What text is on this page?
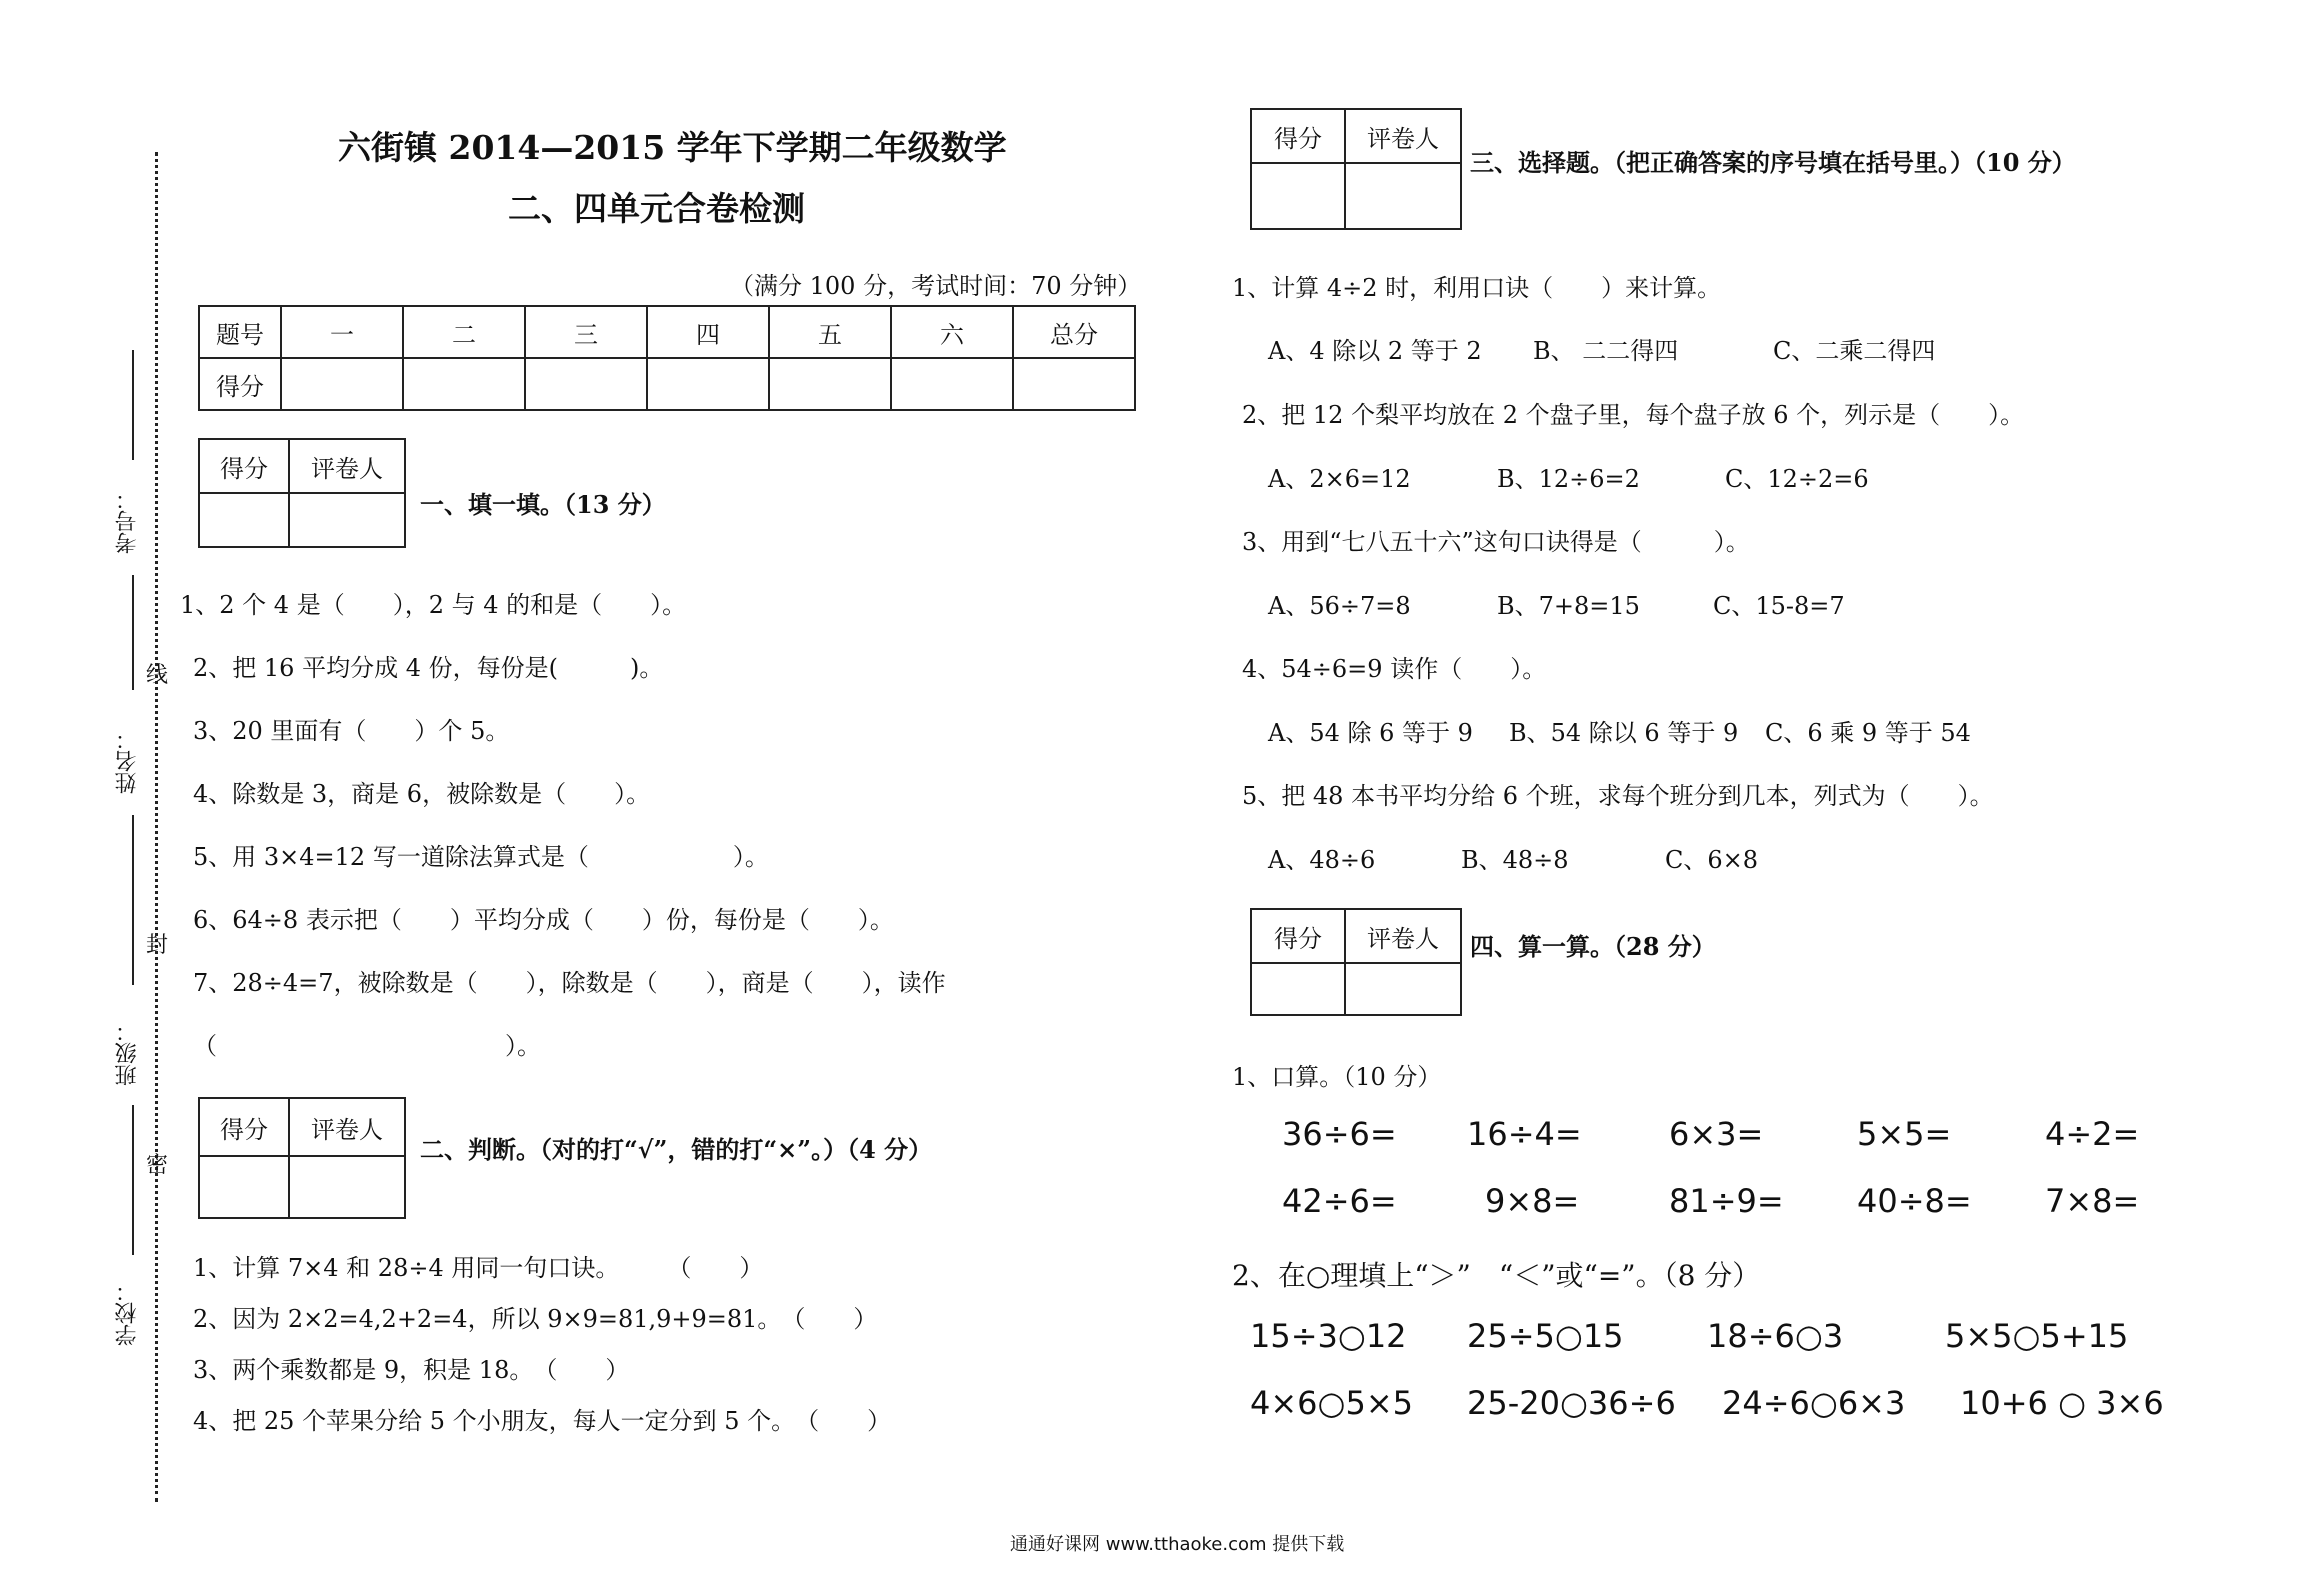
考号：
姓名：
班级：
学校：
线
封
密
六街镇 2014—2015 学年下学期二年级数学
二、四单元合卷检测
（满分 100 分，考试时间：70 分钟）
题号	一	二	三	四	五	六	总分
得分							
得分	评卷人

一、填一填。（13 分）
1、2 个 4 是（　　），2 与 4 的和是（　　）。
2、把 16 平均分成 4 份，每份是(　　　)。
3、20 里面有（　　）个 5。
4、除数是 3，商是 6，被除数是（　　）。
5、用 3×4=12 写一道除法算式是（　　　　　　）。
6、64÷8 表示把（　　）平均分成（　　）份，每份是（　　）。
7、28÷4=7，被除数是（　　），除数是（　　），商是（　　），读作
（　　　　　　　　　　　　）。
得分	评卷人

二、判断。（对的打“√”，错的打“×”。）（4 分）
1、计算 7×4 和 28÷4 用同一句口诀。　　　（　　）
2、因为 2×2=4,2+2=4，所以 9×9=81,9+9=81。　（　　）
3、两个乘数都是 9，积是 18。　（　　）
4、把 25 个苹果分给 5 个小朋友，每人一定分到 5 个。　（　　）
得分	评卷人

三、选择题。（把正确答案的序号填在括号里。）（10 分）
1、计算 4÷2 时，利用口诀（　　）来计算。
A、4 除以 2 等于 2 B、 二二得四	C、二乘二得四
2、把 12 个梨平均放在 2 个盘子里，每个盘子放 6 个，列示是（　　）。
A、2×6=12	B、12÷6=2	C、12÷2=6
3、用到“七八五十六”这句口诀得是（　　　）。
A、56÷7=8	B、7+8=15	C、15-8=7
4、54÷6=9 读作（　　）。
A、54 除 6 等于 9 B、54 除以 6 等于 9 C、6 乘 9 等于 54
5、把 48 本书平均分给 6 个班，求每个班分到几本，列式为（　　）。
A、48÷6	B、48÷8	C、6×8
得分	评卷人
	四、算一算。（28 分）
1、口算。（10 分）
36÷6= 16÷4=	6×3=	5×5=	4÷2=
42÷6=	9×8=	81÷9= 40÷8= 7×8=
2、在○理填上“＞”　“＜”或“=”。（8 分）
15÷3○12 25÷5○15	18÷6○3	5×5○5+15
4×6○5×5 25-20○36÷6 24÷6○6×3 10+6 ○ 3×6
通通好课网 www.tthaoke.com 提供下载
